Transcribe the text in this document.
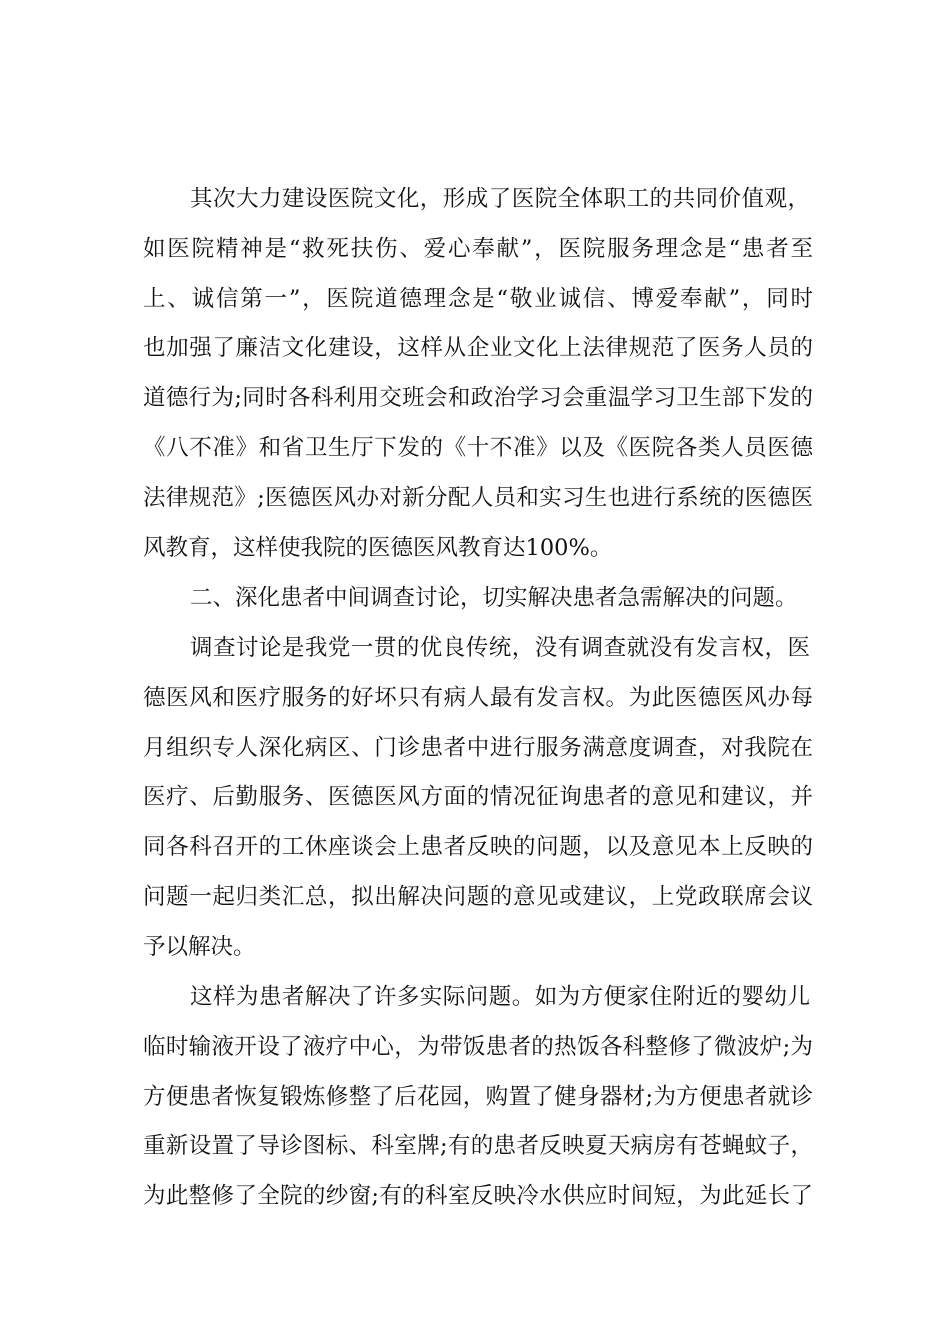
其次大力建设医院文化，形成了医院全体职工的共同价值观，
如医院精神是“救死扶伤、爱心奉献”，医院服务理念是“患者至
上、诚信第一”，医院道德理念是“敬业诚信、博爱奉献”，同时
也加强了廉洁文化建设，这样从企业文化上法律规范了医务人员的
道德行为;同时各科利用交班会和政治学习会重温学习卫生部下发的
《八不准》和省卫生厅下发的《十不准》以及《医院各类人员医德
法律规范》;医德医风办对新分配人员和实习生也进行系统的医德医
风教育，这样使我院的医德医风教育达100%。
二、深化患者中间调查讨论，切实解决患者急需解决的问题。
调查讨论是我党一贯的优良传统，没有调查就没有发言权，医
德医风和医疗服务的好坏只有病人最有发言权。为此医德医风办每
月组织专人深化病区、门诊患者中进行服务满意度调查，对我院在
医疗、后勤服务、医德医风方面的情况征询患者的意见和建议，并
同各科召开的工休座谈会上患者反映的问题，以及意见本上反映的
问题一起归类汇总，拟出解决问题的意见或建议，上党政联席会议
予以解决。
这样为患者解决了许多实际问题。如为方便家住附近的婴幼儿
临时输液开设了液疗中心，为带饭患者的热饭各科整修了微波炉;为
方便患者恢复锻炼修整了后花园，购置了健身器材;为方便患者就诊
重新设置了导诊图标、科室牌;有的患者反映夏天病房有苍蝇蚊子，
为此整修了全院的纱窗;有的科室反映冷水供应时间短，为此延长了
